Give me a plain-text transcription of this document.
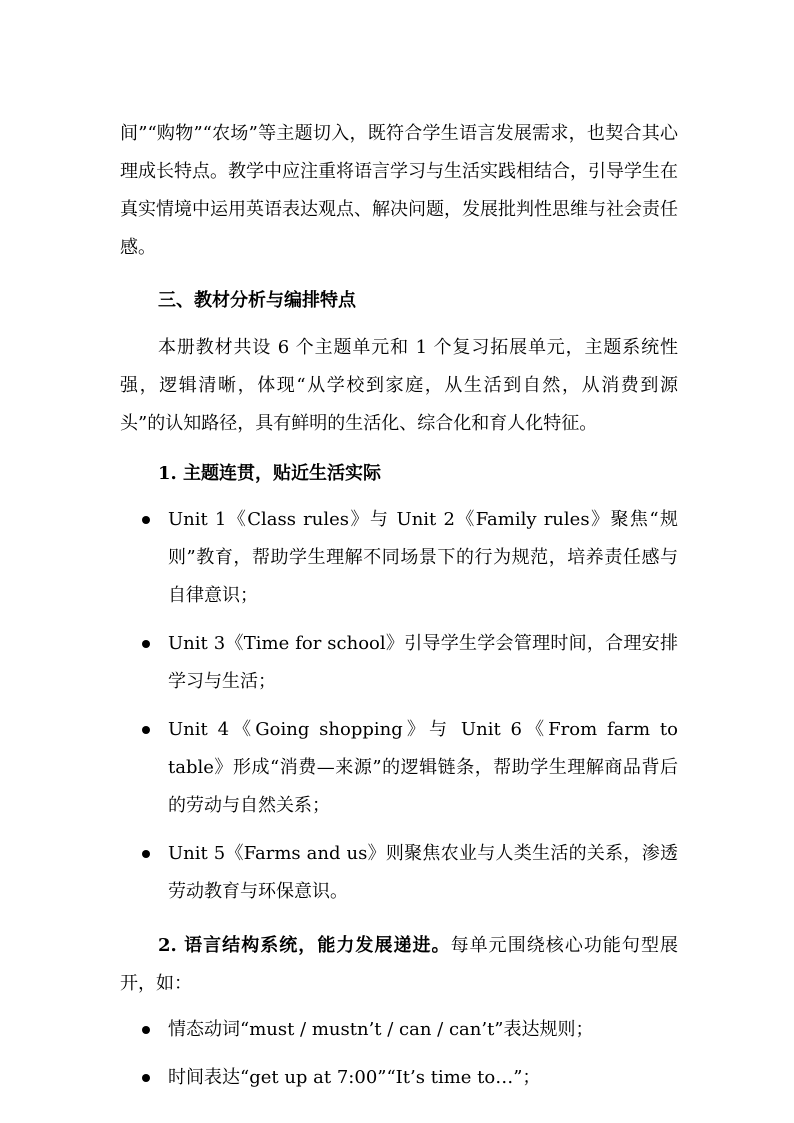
间”“购物”“农场”等主题切入，既符合学生语言发展需求，也契合其心理成长特点。教学中应注重将语言学习与生活实践相结合，引导学生在真实情境中运用英语表达观点、解决问题，发展批判性思维与社会责任感。

三、教材分析与编排特点

本册教材共设 6 个主题单元和 1 个复习拓展单元，主题系统性强，逻辑清晰，体现“从学校到家庭，从生活到自然，从消费到源头”的认知路径，具有鲜明的生活化、综合化和育人化特征。

1. 主题连贯，贴近生活实际

Unit 1《Class rules》与 Unit 2《Family rules》聚焦“规则”教育，帮助学生理解不同场景下的行为规范，培养责任感与自律意识；
Unit 3《Time for school》引导学生学会管理时间，合理安排学习与生活；
Unit 4《Going shopping》与 Unit 6《From farm to table》形成“消费—来源”的逻辑链条，帮助学生理解商品背后的劳动与自然关系；
Unit 5《Farms and us》则聚焦农业与人类生活的关系，渗透劳动教育与环保意识。

2. 语言结构系统，能力发展递进。每单元围绕核心功能句型展开，如：

情态动词“must / mustn’t / can / can’t”表达规则；
时间表达“get up at 7:00”“It’s time to…”；
